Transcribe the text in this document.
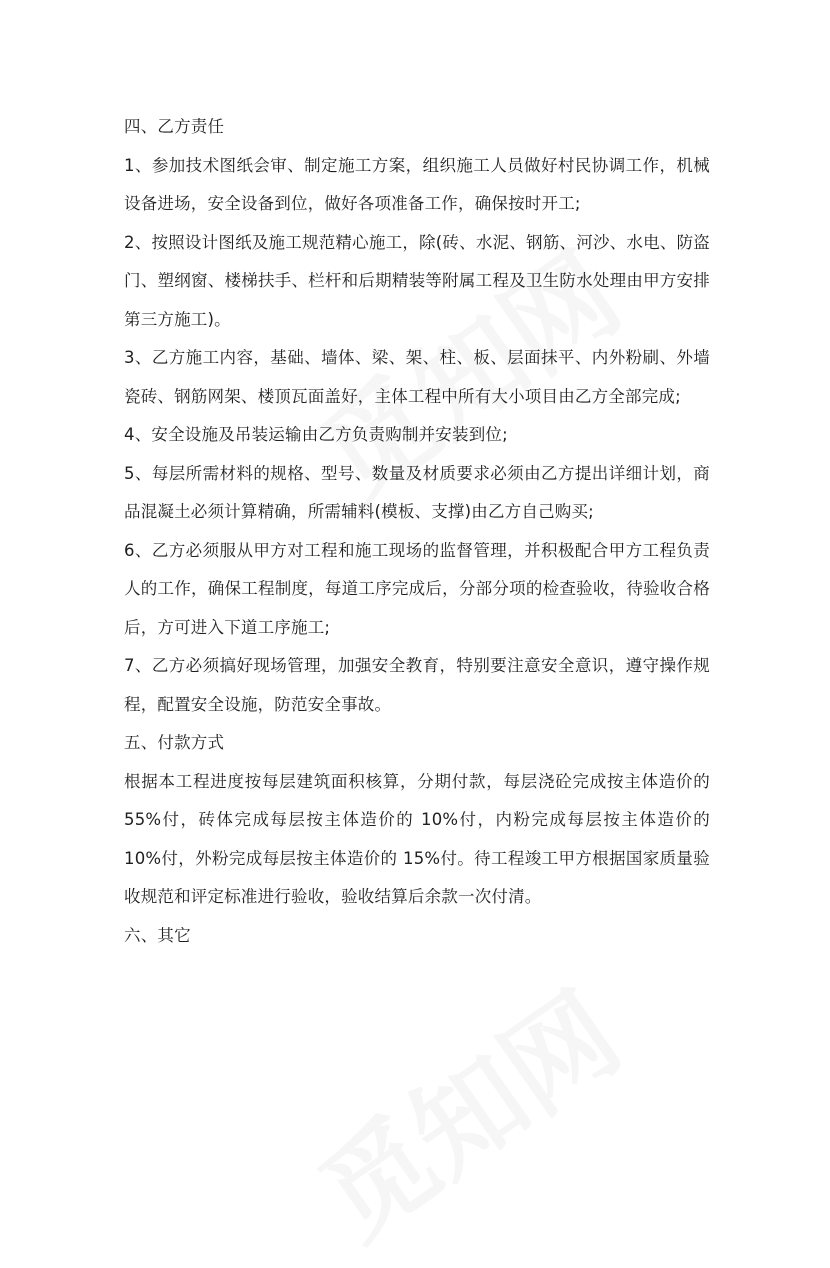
四、乙方责任

1、参加技术图纸会审、制定施工方案，组织施工人员做好村民协调工作，机械设备进场，安全设备到位，做好各项准备工作，确保按时开工;

2、按照设计图纸及施工规范精心施工，除(砖、水泥、钢筋、河沙、水电、防盗门、塑纲窗、楼梯扶手、栏杆和后期精装等附属工程及卫生防水处理由甲方安排第三方施工)。

3、乙方施工内容，基础、墙体、梁、架、柱、板、层面抹平、内外粉刷、外墙瓷砖、钢筋网架、楼顶瓦面盖好，主体工程中所有大小项目由乙方全部完成;

4、安全设施及吊装运输由乙方负责购制并安装到位;

5、每层所需材料的规格、型号、数量及材质要求必须由乙方提出详细计划，商品混凝土必须计算精确，所需辅料(模板、支撑)由乙方自己购买;

6、乙方必须服从甲方对工程和施工现场的监督管理，并积极配合甲方工程负责人的工作，确保工程制度，每道工序完成后，分部分项的检查验收，待验收合格后，方可进入下道工序施工;

7、乙方必须搞好现场管理，加强安全教育，特别要注意安全意识，遵守操作规程，配置安全设施，防范安全事故。

五、付款方式

根据本工程进度按每层建筑面积核算，分期付款，每层浇砼完成按主体造价的55%付，砖体完成每层按主体造价的 10%付，内粉完成每层按主体造价的 10%付，外粉完成每层按主体造价的 15%付。待工程竣工甲方根据国家质量验收规范和评定标准进行验收，验收结算后余款一次付清。

六、其它
